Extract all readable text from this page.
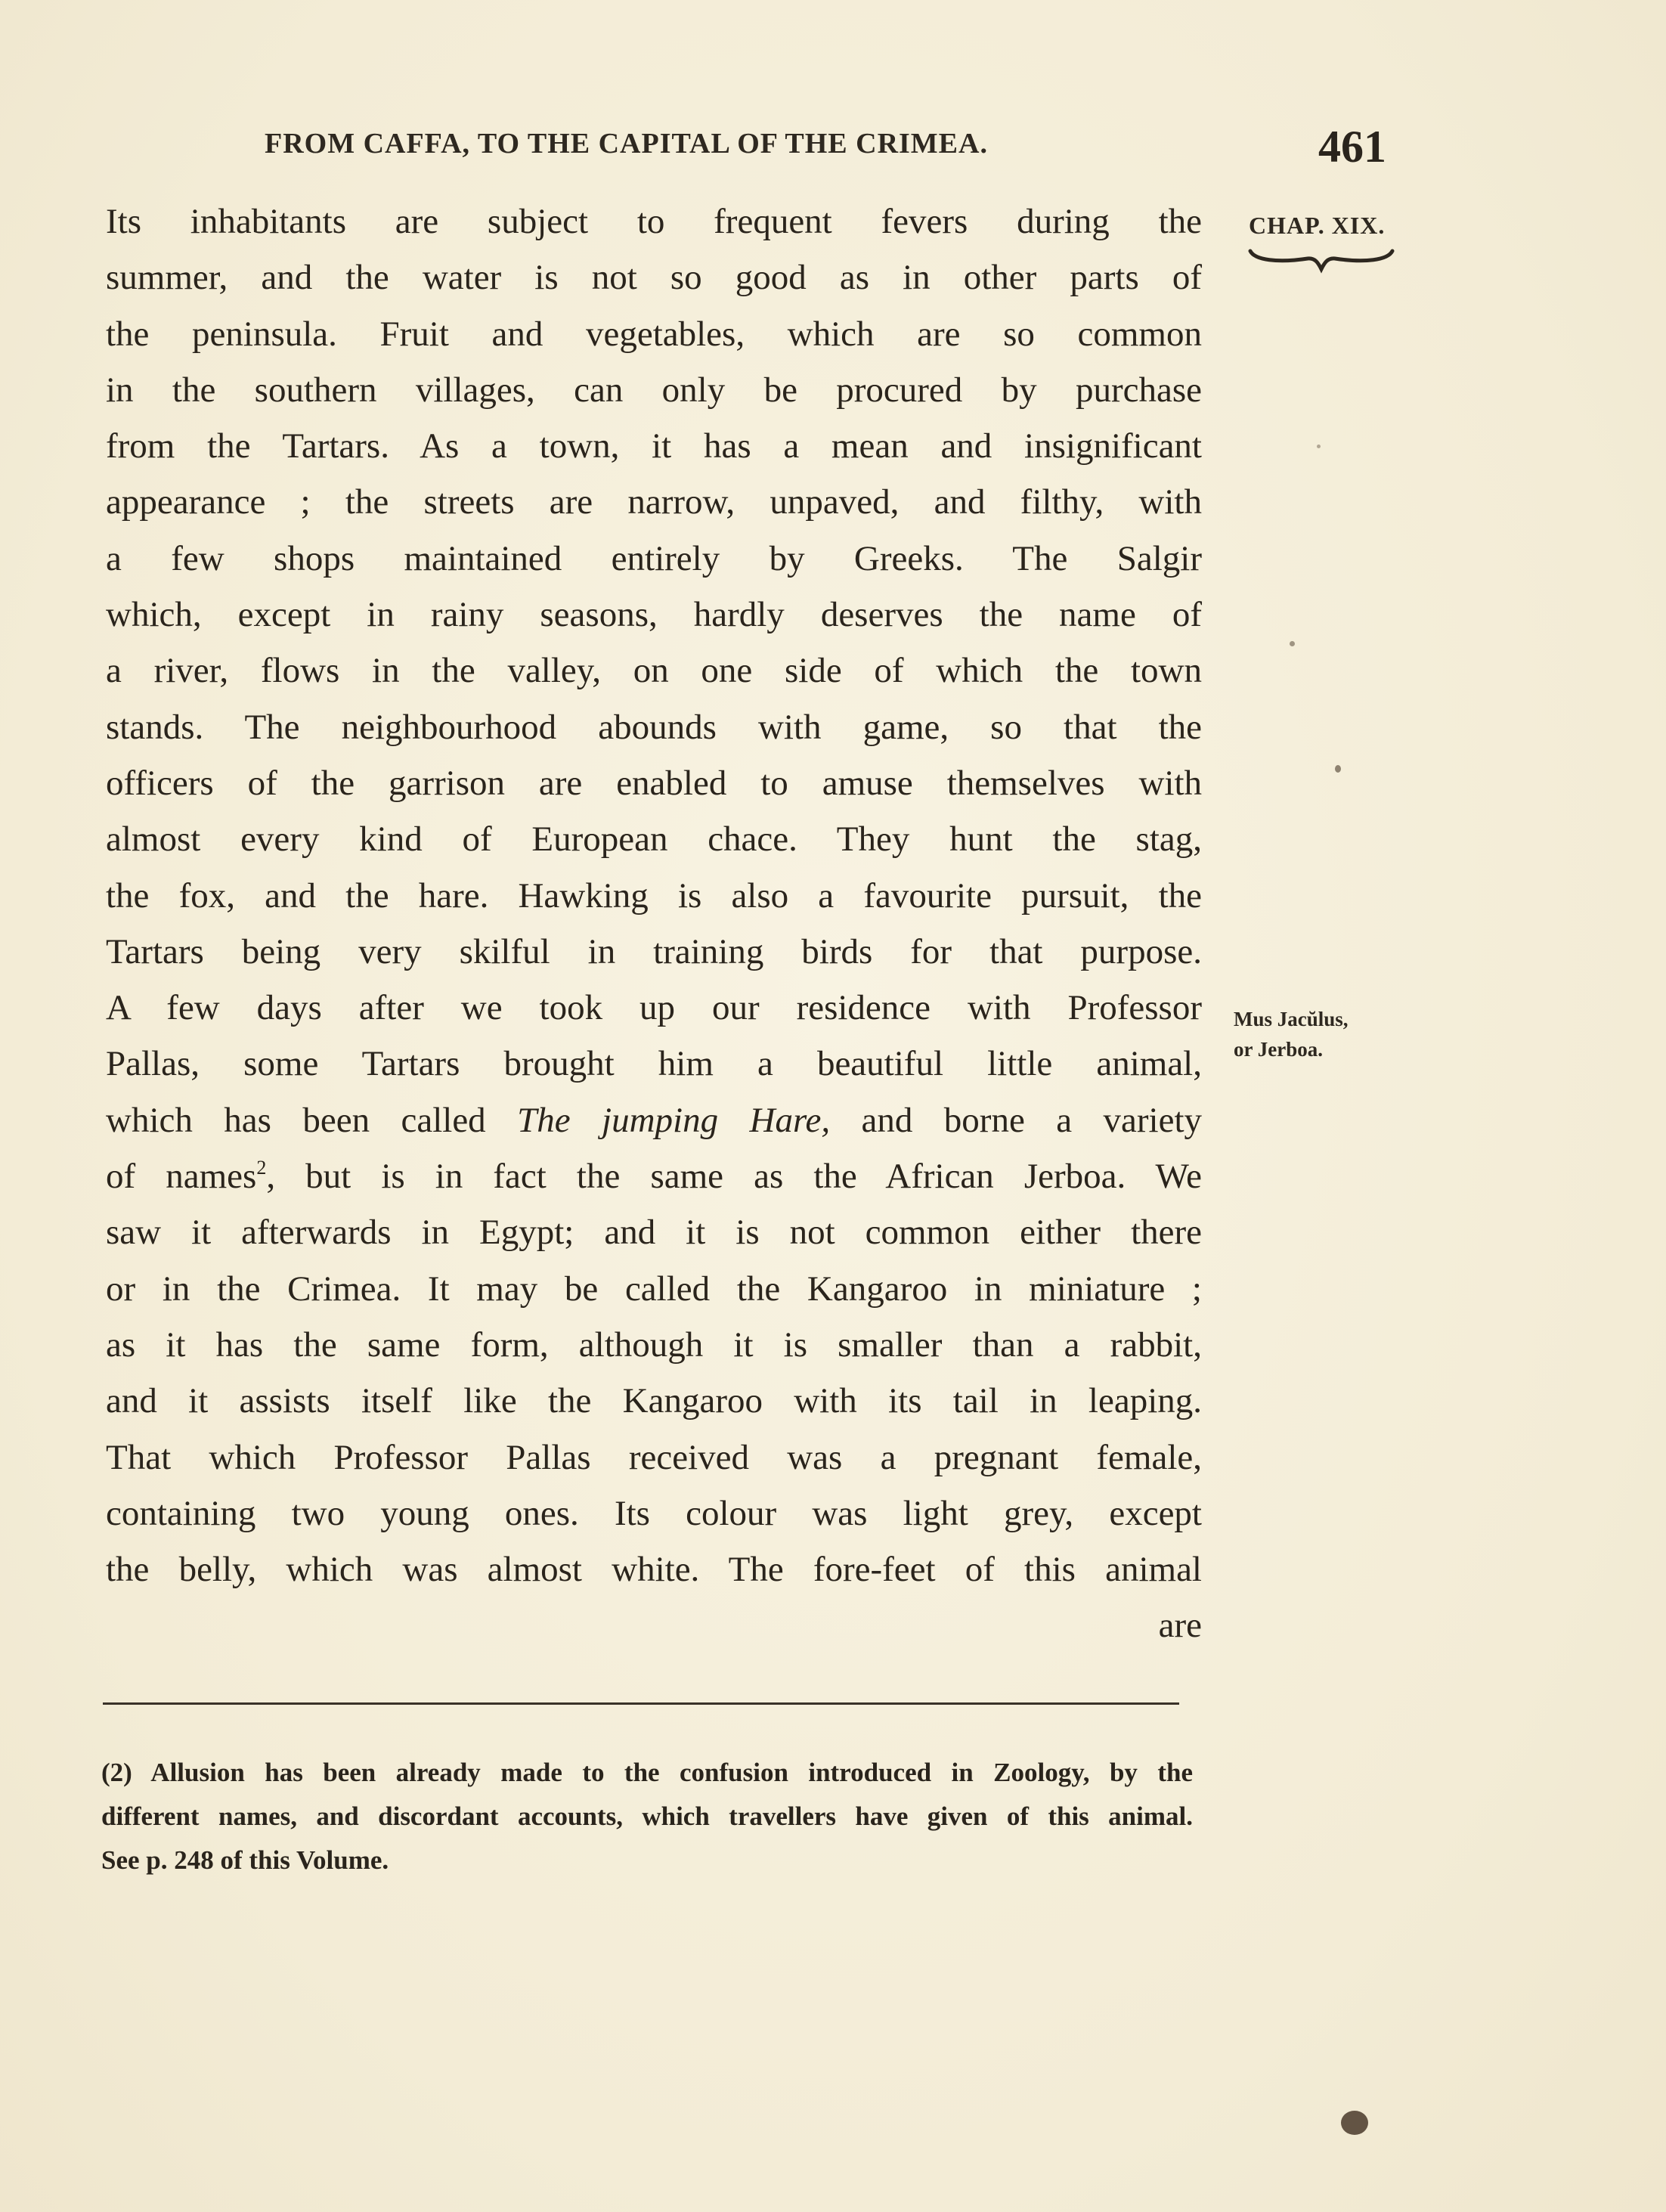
FROM CAFFA, TO THE CAPITAL OF THE CRIMEA.	461
CHAP. XIX.
Mus Jacŭlus,
or Jerboa.
Its inhabitants are subject to frequent fevers during the
summer, and the water is not so good as in other parts of
the peninsula. Fruit and vegetables, which are so common
in the southern villages, can only be procured by purchase
from the Tartars. As a town, it has a mean and insignificant
appearance ; the streets are narrow, unpaved, and filthy, with
a few shops maintained entirely by Greeks. The Salgir
which, except in rainy seasons, hardly deserves the name of
a river, flows in the valley, on one side of which the town
stands. The neighbourhood abounds with game, so that the
officers of the garrison are enabled to amuse themselves with
almost every kind of European chace. They hunt the stag,
the fox, and the hare. Hawking is also a favourite pursuit, the
Tartars being very skilful in training birds for that purpose.
A few days after we took up our residence with Professor
Pallas, some Tartars brought him a beautiful little animal,
which has been called The jumping Hare, and borne a variety
of names$^2$, but is in fact the same as the African Jerboa. We
saw it afterwards in Egypt; and it is not common either there
or in the Crimea. It may be called the Kangaroo in miniature ;
as it has the same form, although it is smaller than a rabbit,
and it assists itself like the Kangaroo with its tail in leaping.
That which Professor Pallas received was a pregnant female,
containing two young ones. Its colour was light grey, except
the belly, which was almost white. The fore-feet of this animal
are
(2) Allusion has been already made to the confusion introduced in Zoology, by the
different names, and discordant accounts, which travellers have given of this animal.
See p. 248 of this Volume.
